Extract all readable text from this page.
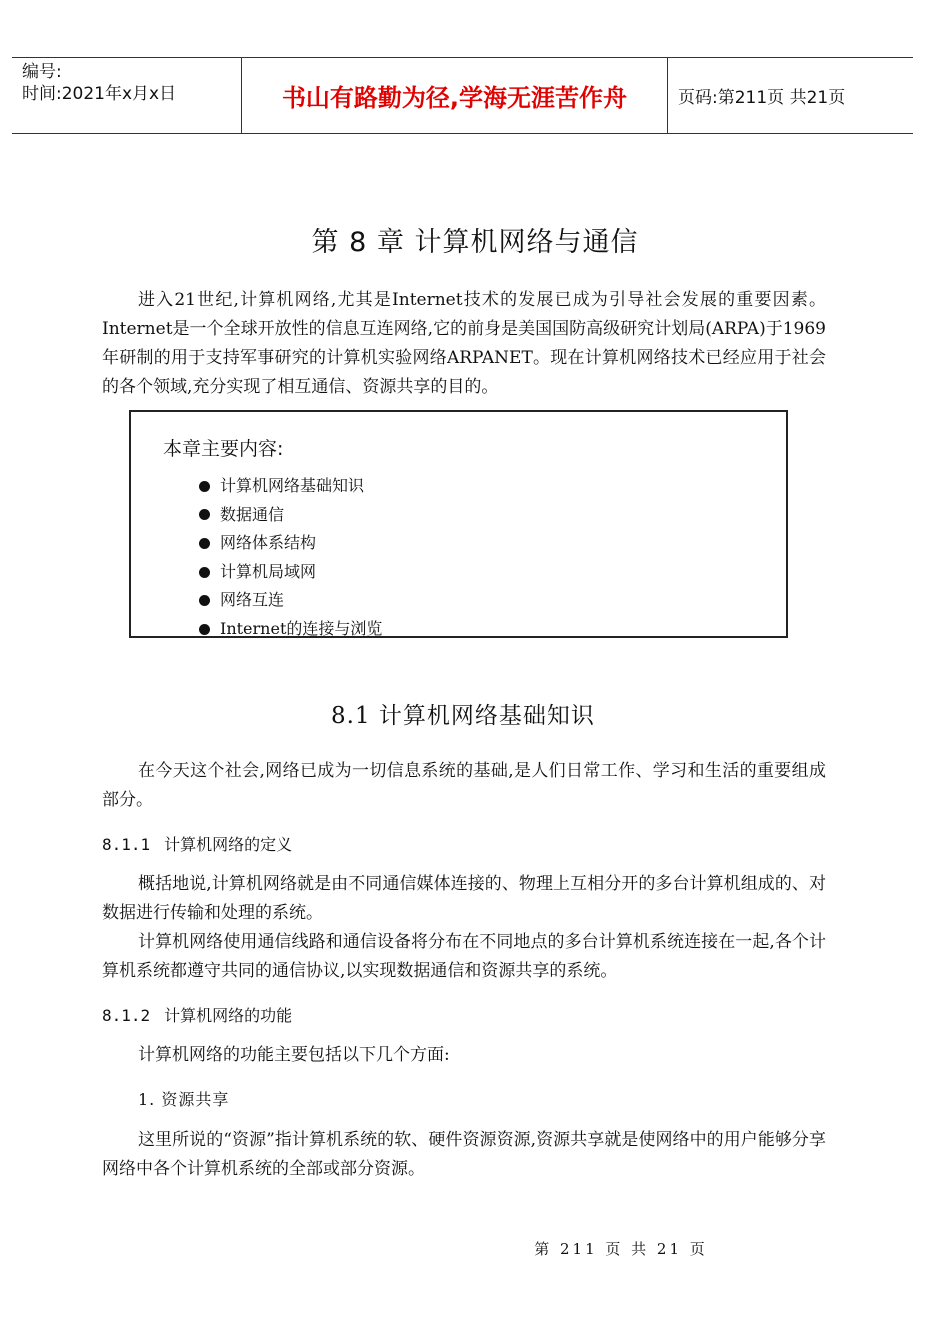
编号:
时间:2021年x月x日	书山有路勤为径,学海无涯苦作舟	页码:第211页 共21页
第 8 章 计算机网络与通信
进入21世纪,计算机网络,尤其是Internet技术的发展已成为引导社会发展的重要因素。Internet是一个全球开放性的信息互连网络,它的前身是美国国防高级研究计划局(ARPA)于1969年研制的用于支持军事研究的计算机实验网络ARPANET。现在计算机网络技术已经应用于社会的各个领域,充分实现了相互通信、资源共享的目的。
本章主要内容:
计算机网络基础知识
数据通信
网络体系结构
计算机局域网
网络互连
Internet的连接与浏览
8.1 计算机网络基础知识
在今天这个社会,网络已成为一切信息系统的基础,是人们日常工作、学习和生活的重要组成部分。
8.1.1 计算机网络的定义
概括地说,计算机网络就是由不同通信媒体连接的、物理上互相分开的多台计算机组成的、对数据进行传输和处理的系统。
计算机网络使用通信线路和通信设备将分布在不同地点的多台计算机系统连接在一起,各个计算机系统都遵守共同的通信协议,以实现数据通信和资源共享的系统。
8.1.2 计算机网络的功能
计算机网络的功能主要包括以下几个方面:
1. 资源共享
这里所说的“资源”指计算机系统的软、硬件资源资源,资源共享就是使网络中的用户能够分享网络中各个计算机系统的全部或部分资源。
第 211 页 共 21 页
